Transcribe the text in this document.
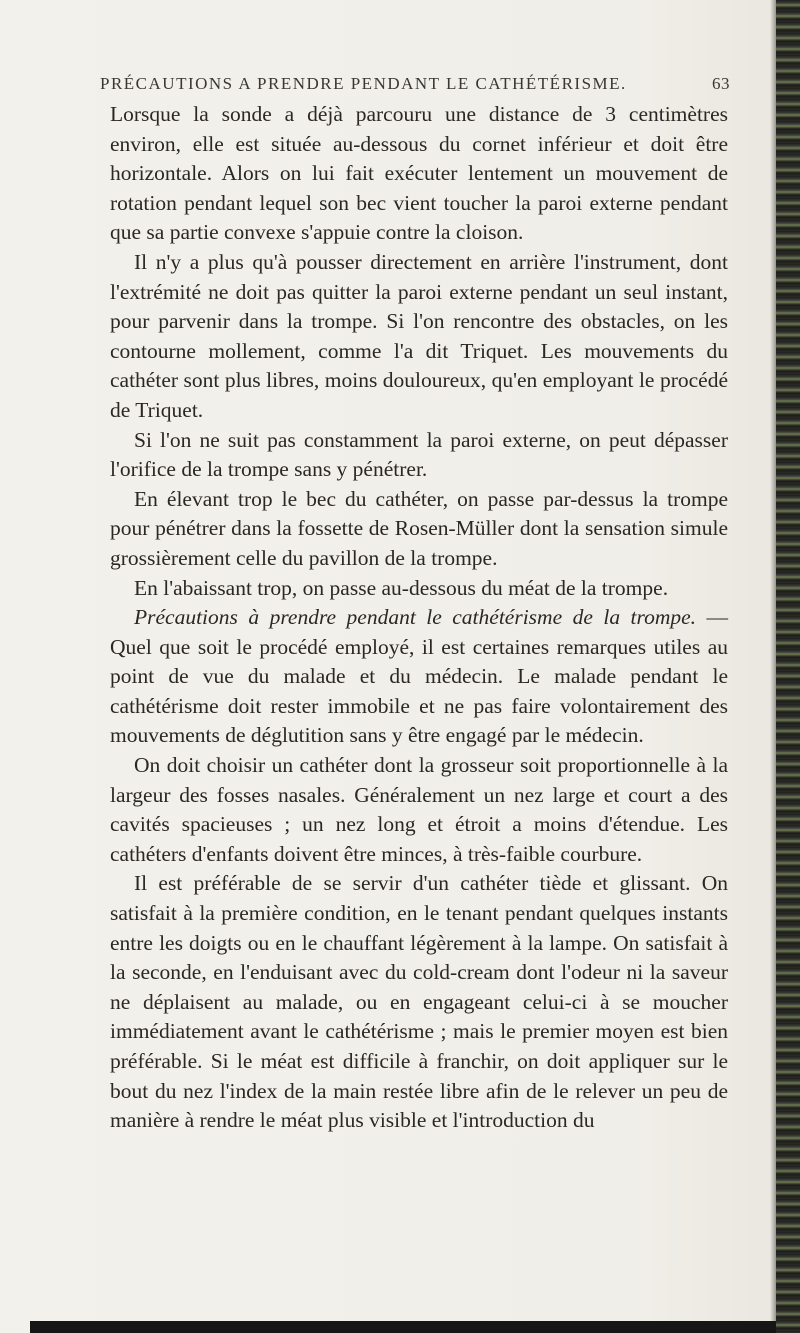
PRÉCAUTIONS A PRENDRE PENDANT LE CATHÉTÉRISME.	63

Lorsque la sonde a déjà parcouru une distance de 3 centimètres environ, elle est située au-dessous du cornet inférieur et doit être horizontale. Alors on lui fait exécuter lentement un mouvement de rotation pendant lequel son bec vient toucher la paroi externe pendant que sa partie convexe s'appuie contre la cloison.

Il n'y a plus qu'à pousser directement en arrière l'instrument, dont l'extrémité ne doit pas quitter la paroi externe pendant un seul instant, pour parvenir dans la trompe. Si l'on rencontre des obstacles, on les contourne mollement, comme l'a dit Triquet. Les mouvements du cathéter sont plus libres, moins douloureux, qu'en employant le procédé de Triquet.

Si l'on ne suit pas constamment la paroi externe, on peut dépasser l'orifice de la trompe sans y pénétrer.

En élevant trop le bec du cathéter, on passe par-dessus la trompe pour pénétrer dans la fossette de Rosen-Müller dont la sensation simule grossièrement celle du pavillon de la trompe.

En l'abaissant trop, on passe au-dessous du méat de la trompe.

Précautions à prendre pendant le cathétérisme de la trompe. — Quel que soit le procédé employé, il est certaines remarques utiles au point de vue du malade et du médecin. Le malade pendant le cathétérisme doit rester immobile et ne pas faire volontairement des mouvements de déglutition sans y être engagé par le médecin.

On doit choisir un cathéter dont la grosseur soit proportionnelle à la largeur des fosses nasales. Généralement un nez large et court a des cavités spacieuses ; un nez long et étroit a moins d'étendue. Les cathéters d'enfants doivent être minces, à très-faible courbure.

Il est préférable de se servir d'un cathéter tiède et glissant. On satisfait à la première condition, en le tenant pendant quelques instants entre les doigts ou en le chauffant légèrement à la lampe. On satisfait à la seconde, en l'enduisant avec du cold-cream dont l'odeur ni la saveur ne déplaisent au malade, ou en engageant celui-ci à se moucher immédiatement avant le cathétérisme ; mais le premier moyen est bien préférable. Si le méat est difficile à franchir, on doit appliquer sur le bout du nez l'index de la main restée libre afin de le relever un peu de manière à rendre le méat plus visible et l'introduction du
